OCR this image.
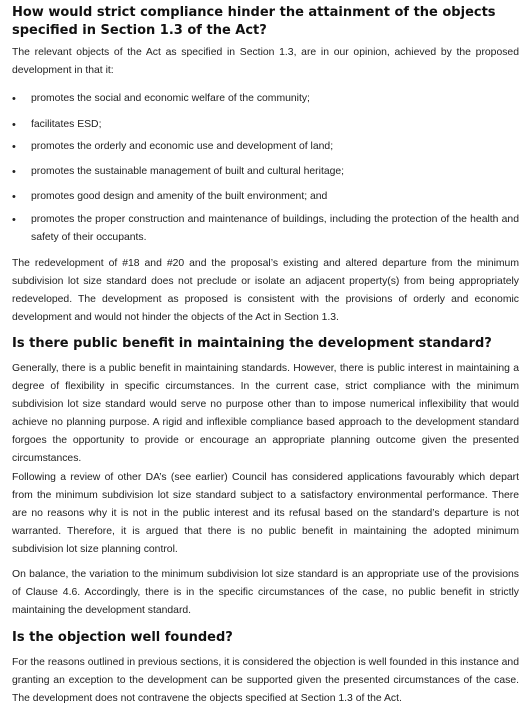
How would strict compliance hinder the attainment of the objects specified in Section 1.3 of the Act?

The relevant objects of the Act as specified in Section 1.3, are in our opinion, achieved by the proposed development in that it:

• promotes the social and economic welfare of the community;
• facilitates ESD;
• promotes the orderly and economic use and development of land;
• promotes the sustainable management of built and cultural heritage;
• promotes good design and amenity of the built environment; and
• promotes the proper construction and maintenance of buildings, including the protection of the health and safety of their occupants.

The redevelopment of #18 and #20 and the proposal’s existing and altered departure from the minimum subdivision lot size standard does not preclude or isolate an adjacent property(s) from being appropriately redeveloped. The development as proposed is consistent with the provisions of orderly and economic development and would not hinder the objects of the Act in Section 1.3.

Is there public benefit in maintaining the development standard?

Generally, there is a public benefit in maintaining standards. However, there is public interest in maintaining a degree of flexibility in specific circumstances. In the current case, strict compliance with the minimum subdivision lot size standard would serve no purpose other than to impose numerical inflexibility that would achieve no planning purpose. A rigid and inflexible compliance based approach to the development standard forgoes the opportunity to provide or encourage an appropriate planning outcome given the presented circumstances.

Following a review of other DA’s (see earlier) Council has considered applications favourably which depart from the minimum subdivision lot size standard subject to a satisfactory environmental performance. There are no reasons why it is not in the public interest and its refusal based on the standard’s departure is not warranted. Therefore, it is argued that there is no public benefit in maintaining the adopted minimum subdivision lot size planning control.

On balance, the variation to the minimum subdivision lot size standard is an appropriate use of the provisions of Clause 4.6. Accordingly, there is in the specific circumstances of the case, no public benefit in strictly maintaining the development standard.

Is the objection well founded?

For the reasons outlined in previous sections, it is considered the objection is well founded in this instance and granting an exception to the development can be supported given the presented circumstances of the case. The development does not contravene the objects specified at Section 1.3 of the Act.
